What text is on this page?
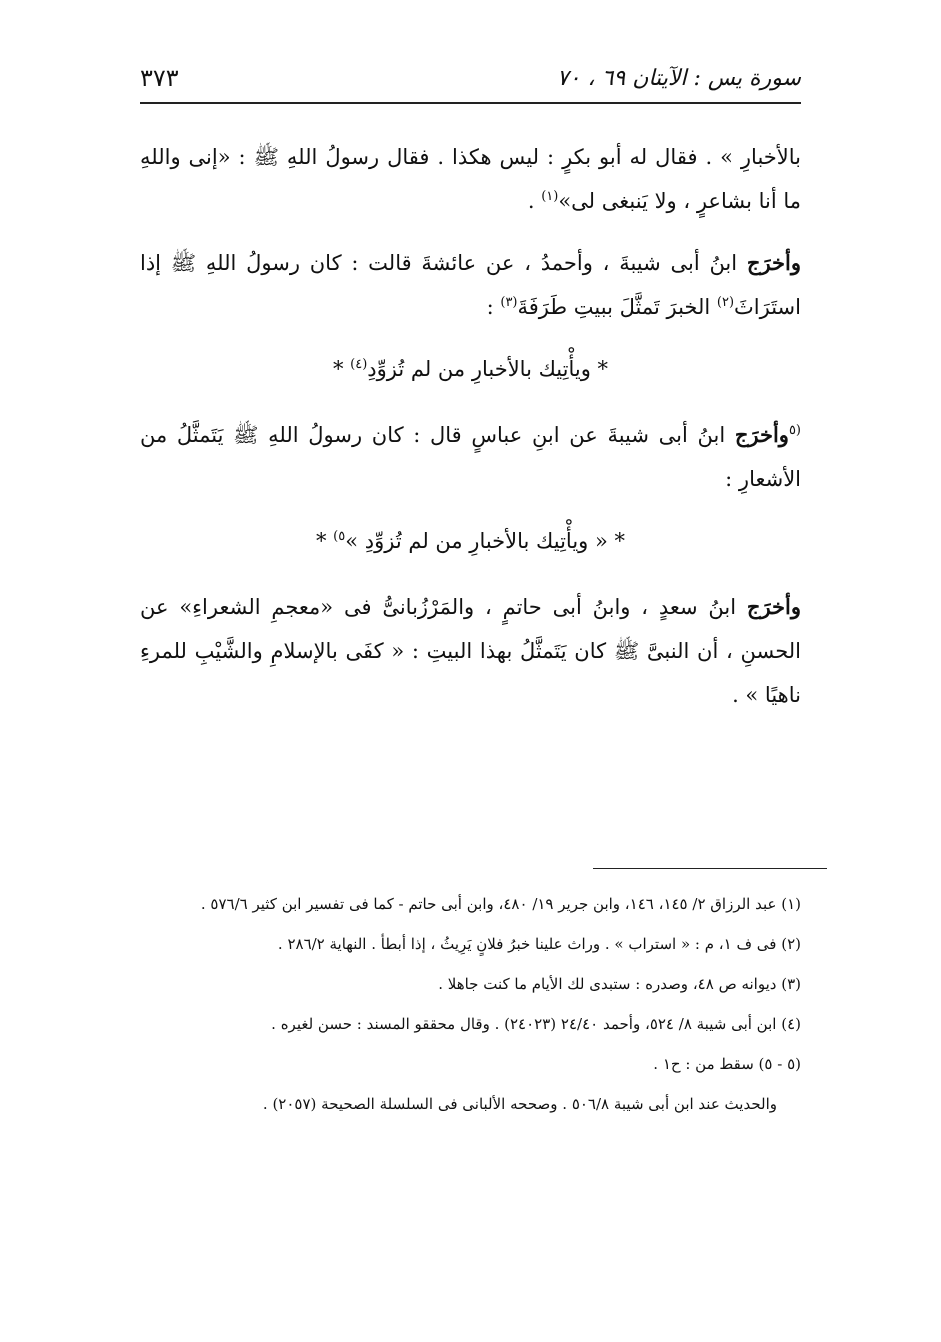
سورة يس : الآيتان ٦٩ ، ٧٠
٣٧٣

بالأخبارِ » . فقال له أبو بكرٍ : ليس هكذا . فقال رسولُ اللهِ ﷺ : «إنى واللهِ ما أنا بشاعرٍ ، ولا يَنبغى لى»$^{(١)}$ .

وأخرَج ابنُ أبى شيبةَ ، وأحمدُ ، عن عائشةَ قالت : كان رسولُ اللهِ ﷺ إذا استَرَاثَ$^{(٢)}$ الخبرَ تَمثَّلَ ببيتِ طَرَفَةَ$^{(٣)}$ :

* ويأْتِيك بالأخبارِ من لم تُزوِّدِ$^{(٤)}$ *

$^{(٥}$وأخرَج ابنُ أبى شيبةَ عن ابنِ عباسٍ قال : كان رسولُ اللهِ ﷺ يَتَمثَّلُ من الأشعارِ :

* « ويأْتِيك بالأخبارِ من لم تُزوِّدِ »$^{٥)}$ *

وأخرَج ابنُ سعدٍ ، وابنُ أبى حاتمٍ ، والمَرْزُبانىُّ فى «معجمِ الشعراءِ» عن الحسنِ ، أن النبىَّ ﷺ كان يَتَمثَّلُ بهذا البيتِ : « كفَى بالإسلامِ والشَّيْبِ للمرءِ ناهيًا » .

(١) عبد الرزاق ٢/ ١٤٥، ١٤٦، وابن جرير ١٩/ ٤٨٠، وابن أبى حاتم - كما فى تفسير ابن كثير ٥٧٦/٦ .

(٢) فى ف ١، م : « استراب » . وراث علينا خبرُ فلانٍ يَرِيثُ ، إذا أبطأ . النهاية ٢٨٦/٢ .

(٣) ديوانه ص ٤٨، وصدره : ستبدى لك الأيام ما كنت جاهلا .

(٤) ابن أبى شيبة ٨/ ٥٢٤، وأحمد ٢٤/٤٠ (٢٤٠٢٣) . وقال محققو المسند : حسن لغيره .

(٥ - ٥) سقط من : ح١ .

والحديث عند ابن أبى شيبة ٥٠٦/٨ . وصححه الألبانى فى السلسلة الصحيحة (٢٠٥٧) .
